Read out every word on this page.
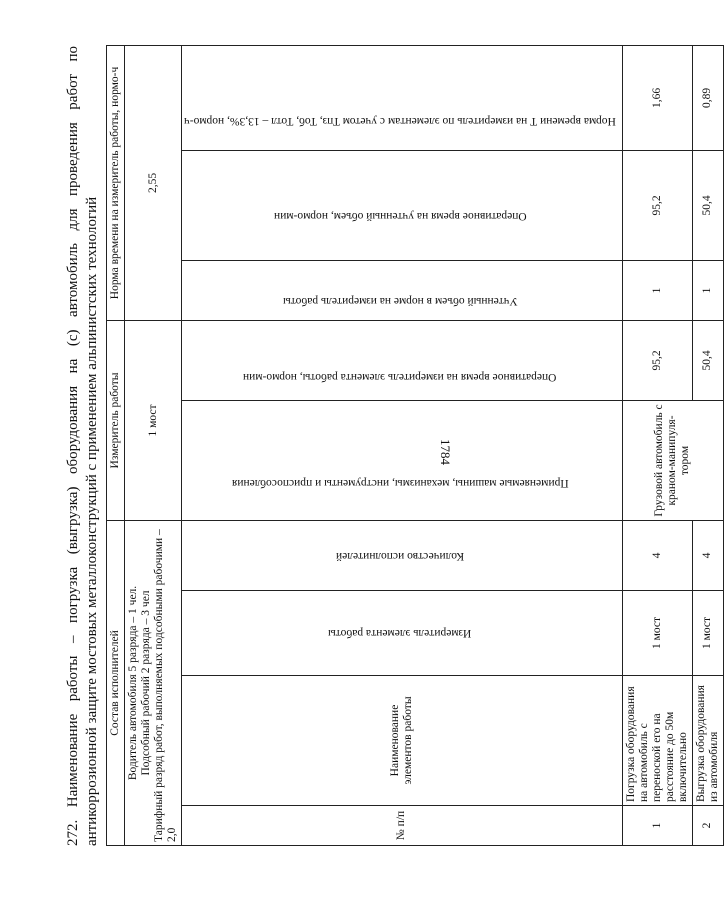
1784
272. Наименование работы – погрузка (выгрузка) оборудования на (с) автомобиль для проведения работ по антикоррозионной защите мостовых металлоконструкций с применением альпинистских технологий Состав исполнителей				Измеритель работы		Норма времени на измеритель работы, нормо-ч		

Водитель автомобиля 5 разряда – 1 чел. Подсобный рабочий 2 разряда – 3 чел Тарифный разряд работ, выполняемых подсобными рабочими – 2,0				1 мост		2,55		
№ п/п	Наименование элементов работы	Измеритель элемента работы	Количество исполнителей	Применяемые машины, механизмы, инструменты и приспособления	Оперативное время на измеритель элемента работы, нормо-мин	Учтенный объем в норме на измеритель работы	Оперативное время на учтенный объем, нормо-мин	Норма времени Т на измеритель по элементам с учетом Тпз, Тоб, Тотл – 13,3%, нормо-ч
1	Погрузка оборудования на автомобиль с переноской его на расстояние до 50м включительно	1 мост	4	Грузовой автомобиль с краном-манипуля-тором	95,2	1	95,2	1,66
2	Выгрузка оборудования из автомобиля	1 мост	4		50,4	1	50,4	0,89
